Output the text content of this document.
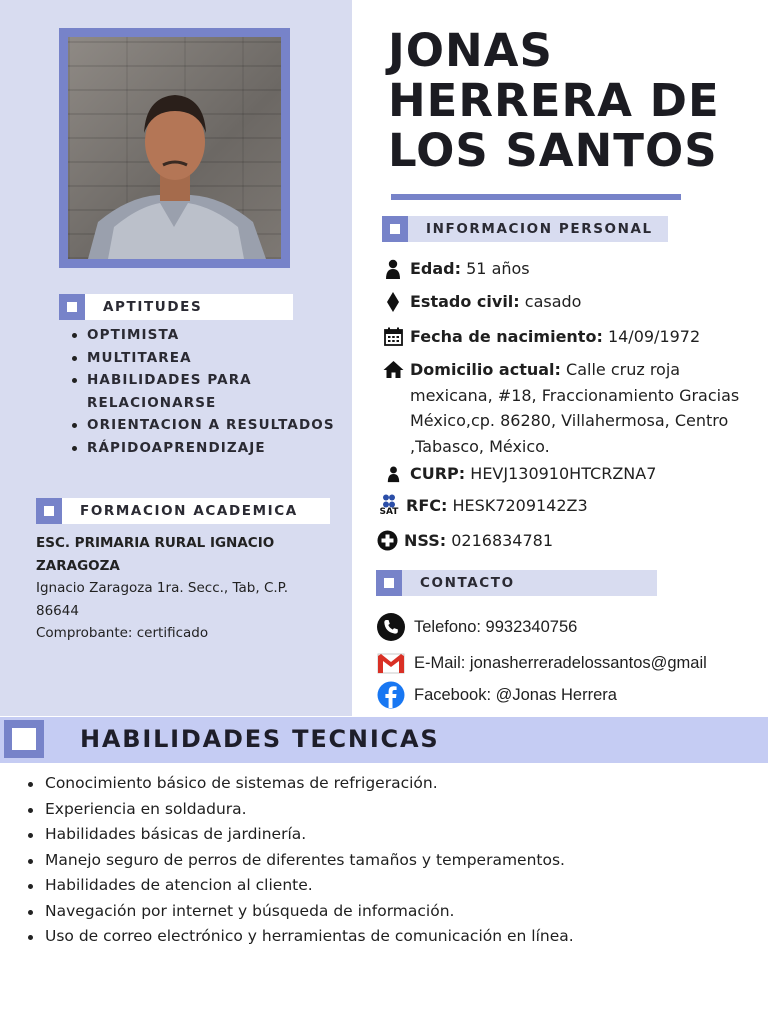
APTITUDES
OPTIMISTA
MULTITAREA
HABILIDADES PARA RELACIONARSE
ORIENTACION A RESULTADOS
RÁPIDOAPRENDIZAJE
FORMACION ACADEMICA
ESC. PRIMARIA RURAL IGNACIO ZARAGOZA
Ignacio Zaragoza 1ra. Secc., Tab, C.P. 86644
Comprobante: certificado
JONAS
HERRERA DE
LOS SANTOS
INFORMACION PERSONAL
Edad: 51 años
Estado civil: casado
Fecha de nacimiento: 14/09/1972
Domicilio actual: Calle cruz roja mexicana, #18, Fraccionamiento Gracias México,cp. 86280, Villahermosa, Centro ,Tabasco, México.
CURP: HEVJ130910HTCRZNA7
SAT RFC: HESK7209142Z3
NSS: 0216834781
CONTACTO
Telefono: 9932340756
E-Mail: jonasherreradelossantos@gmail
Facebook: @Jonas Herrera
HABILIDADES TECNICAS
Conocimiento básico de sistemas de refrigeración.
Experiencia en soldadura.
Habilidades básicas de jardinería.
Manejo seguro de perros de diferentes tamaños y temperamentos.
Habilidades de atencion al cliente.
Navegación por internet y búsqueda de información.
Uso de correo electrónico y herramientas de comunicación en línea.
